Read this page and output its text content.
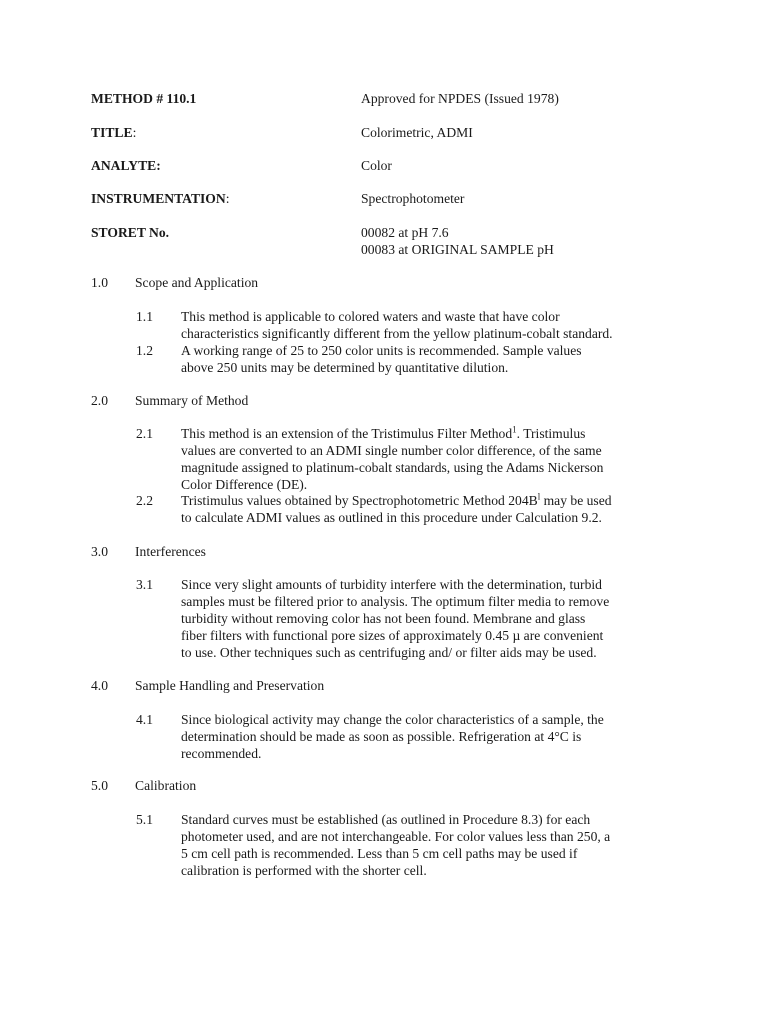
METHOD # 110.1	Approved for NPDES (Issued 1978)
TITLE:	Colorimetric, ADMI
ANALYTE:	Color
INSTRUMENTATION:	Spectrophotometer
STORET No.	00082 at pH 7.6
00083 at ORIGINAL SAMPLE pH
1.0 Scope and Application
1.1 This method is applicable to colored waters and waste that have color
characteristics significantly different from the yellow platinum-cobalt standard.
1.2 A working range of 25 to 250 color units is recommended. Sample values
above 250 units may be determined by quantitative dilution.
2.0 Summary of Method
2.1 This method is an extension of the Tristimulus Filter Method$^1$. Tristimulus
values are converted to an ADMI single number color difference, of the same
magnitude assigned to platinum-cobalt standards, using the Adams Nickerson
Color Difference (DE).
2.2 Tristimulus values obtained by Spectrophotometric Method $204B^l$ may be used
to calculate ADMI values as outlined in this procedure under Calculation 9.2.
3.0 Interferences
3.1 Since very slight amounts of turbidity interfere with the determination, turbid
samples must be filtered prior to analysis. The optimum filter media to remove
turbidity without removing color has not been found. Membrane and glass
fiber filters with functional pore sizes of approximately 0.45 µ are convenient
to use. Other techniques such as centrifuging and/ or filter aids may be used.
4.0 Sample Handling and Preservation
4.1 Since biological activity may change the color characteristics of a sample, the
determination should be made as soon as possible. Refrigeration at 4°C is
recommended.
5.0 Calibration
5.1 Standard curves must be established (as outlined in Procedure 8.3) for each
photometer used, and are not interchangeable. For color values less than 250, a
5 cm cell path is recommended. Less than 5 cm cell paths may be used if
calibration is performed with the shorter cell.
